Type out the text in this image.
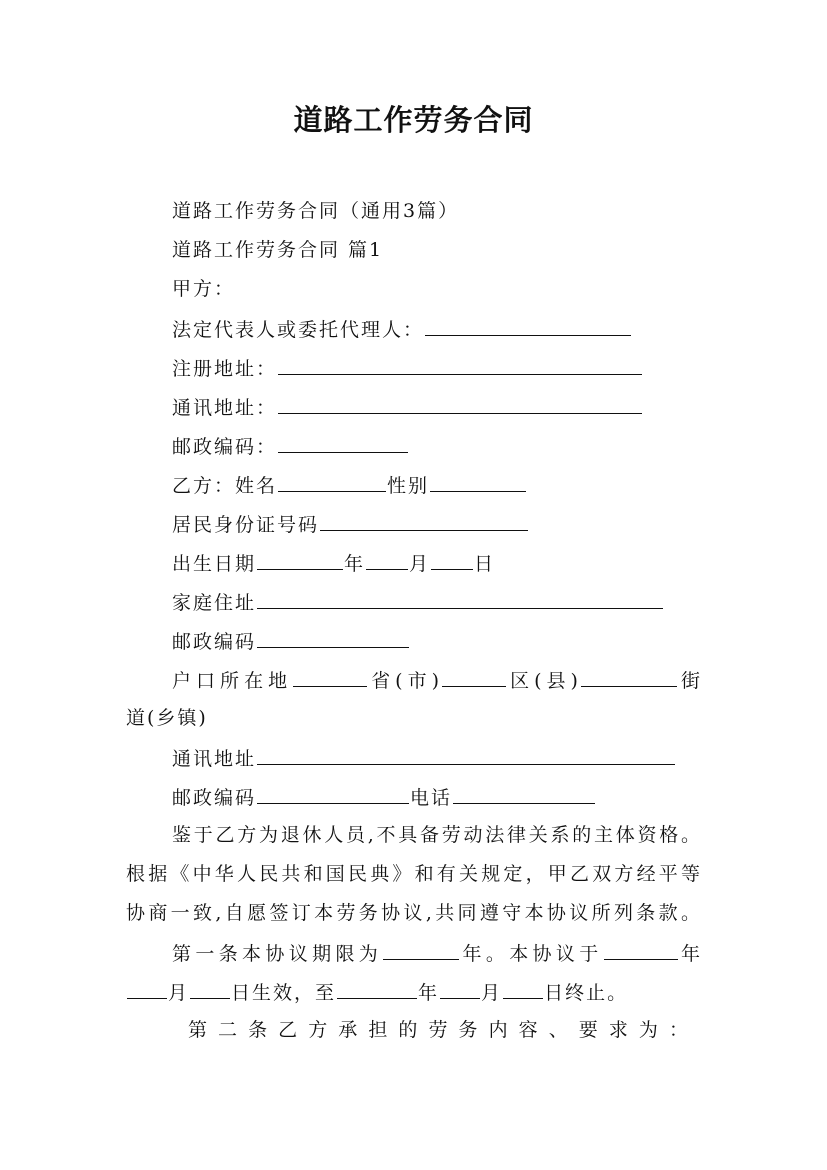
道路工作劳务合同
道路工作劳务合同（通用3篇）
道路工作劳务合同 篇1
甲方：
法定代表人或委托代理人：
注册地址：
通讯地址：
邮政编码：
乙方：姓名	性别
居民身份证号码
出生日期	年 月 日
家庭住址
邮政编码
户口所在地	省(市)	区(县)	街
道(乡镇)
通讯地址
邮政编码	电话
鉴于乙方为退休人员,不具备劳动法律关系的主体资格。
根据《中华人民共和国民典》和有关规定，甲乙双方经平等
协商一致,自愿签订本劳务协议,共同遵守本协议所列条款。
第一条本协议期限为	年。本协议于	年
月 日生效，至	年 月 日终止。
第二条乙方承担的劳务内容、要求为：
